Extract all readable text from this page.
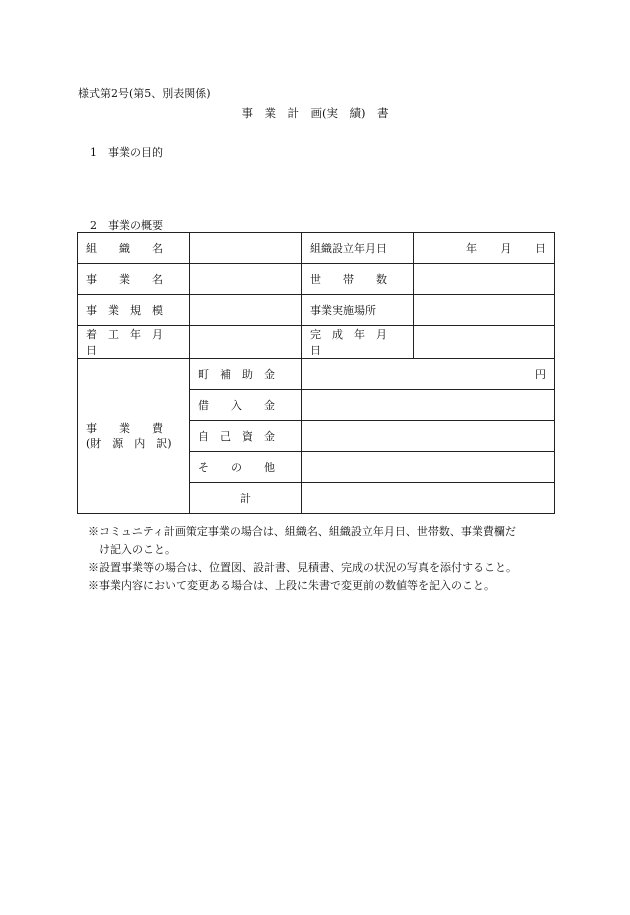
様式第2号(第5、別表関係)
事　業　計　画(実　績)　書
1　事業の目的
2　事業の概要
組　　織　　名		組織設立年月日	年 月 日

事　　業　　名		世　　帯　　数	
事　業　規　模		事業実施場所	
着　工　年　月　日		完　成　年　月　日	

事　　業　　費
(財　源　内　訳)	町　補　助　金	円	
	借　　入　　金		
	自　己　資　金		
	そ　　の　　他		
	計		
※コミュニティ計画策定事業の場合は、組織名、組織設立年月日、世帯数、事業費欄だ
け記入のこと。
※設置事業等の場合は、位置図、設計書、見積書、完成の状況の写真を添付すること。
※事業内容において変更ある場合は、上段に朱書で変更前の数値等を記入のこと。
